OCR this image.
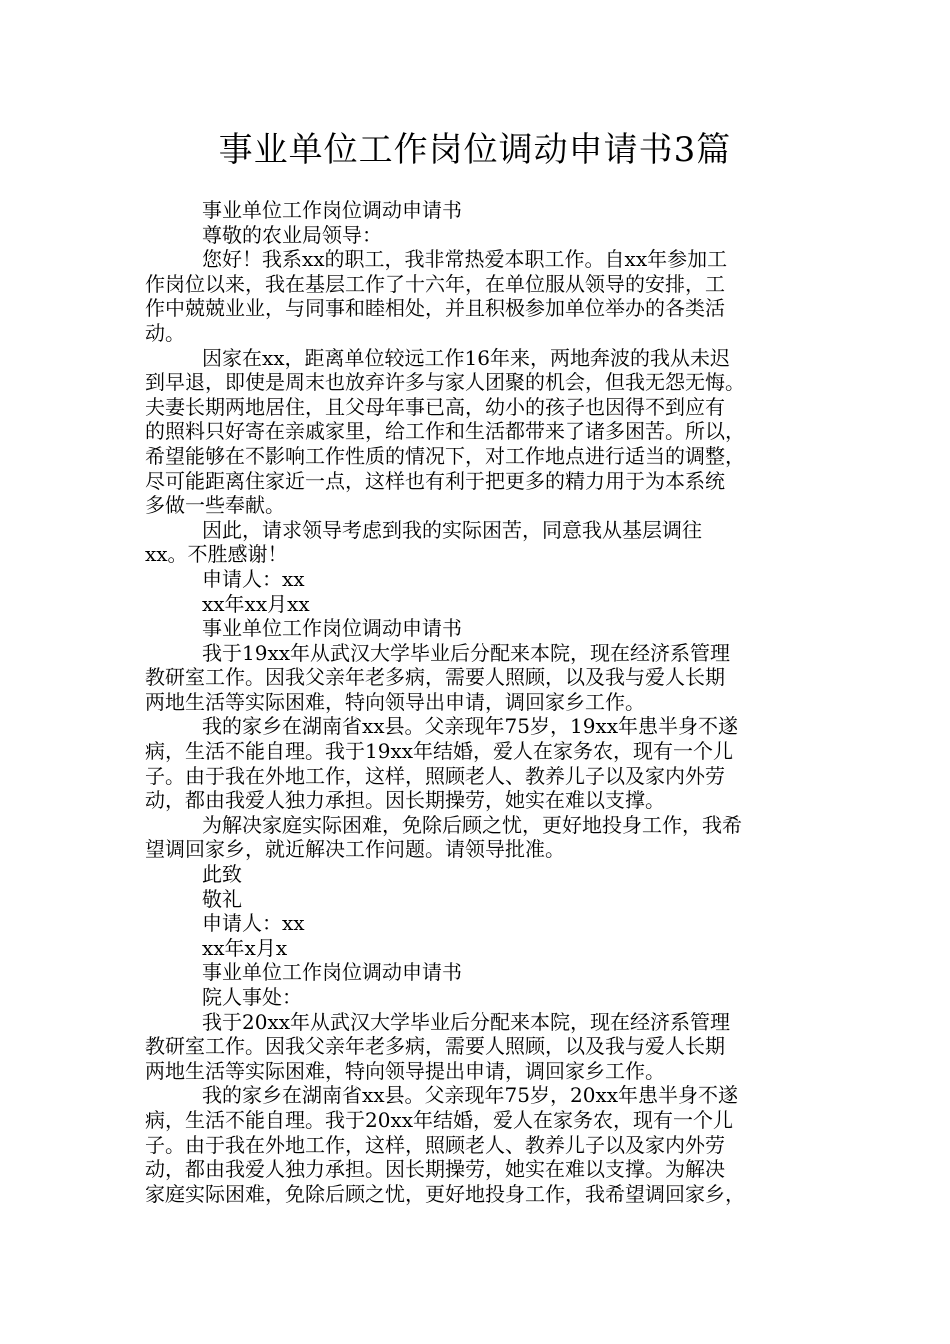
事业单位工作岗位调动申请书3篇
事业单位工作岗位调动申请书
尊敬的农业局领导：
您好！我系xx的职工，我非常热爱本职工作。自xx年参加工
作岗位以来，我在基层工作了十六年，在单位服从领导的安排，工
作中兢兢业业，与同事和睦相处，并且积极参加单位举办的各类活
动。
因家在xx，距离单位较远工作16年来，两地奔波的我从未迟
到早退，即使是周末也放弃许多与家人团聚的机会，但我无怨无悔。
夫妻长期两地居住，且父母年事已高，幼小的孩子也因得不到应有
的照料只好寄在亲戚家里，给工作和生活都带来了诸多困苦。所以，
希望能够在不影响工作性质的情况下，对工作地点进行适当的调整，
尽可能距离住家近一点，这样也有利于把更多的精力用于为本系统
多做一些奉献。
因此，请求领导考虑到我的实际困苦，同意我从基层调往
xx。不胜感谢！
申请人：xx
xx年xx月xx
事业单位工作岗位调动申请书
我于19xx年从武汉大学毕业后分配来本院，现在经济系管理
教研室工作。因我父亲年老多病，需要人照顾，以及我与爱人长期
两地生活等实际困难，特向领导出申请，调回家乡工作。
我的家乡在湖南省xx县。父亲现年75岁，19xx年患半身不遂
病，生活不能自理。我于19xx年结婚，爱人在家务农，现有一个儿
子。由于我在外地工作，这样，照顾老人、教养儿子以及家内外劳
动，都由我爱人独力承担。因长期操劳，她实在难以支撑。
为解决家庭实际困难，免除后顾之忧，更好地投身工作，我希
望调回家乡，就近解决工作问题。请领导批准。
此致
敬礼
申请人：xx
xx年x月x
事业单位工作岗位调动申请书
院人事处：
我于20xx年从武汉大学毕业后分配来本院，现在经济系管理
教研室工作。因我父亲年老多病，需要人照顾，以及我与爱人长期
两地生活等实际困难，特向领导提出申请，调回家乡工作。
我的家乡在湖南省xx县。父亲现年75岁，20xx年患半身不遂
病，生活不能自理。我于20xx年结婚，爱人在家务农，现有一个儿
子。由于我在外地工作，这样，照顾老人、教养儿子以及家内外劳
动，都由我爱人独力承担。因长期操劳，她实在难以支撑。为解决
家庭实际困难，免除后顾之忧，更好地投身工作，我希望调回家乡，
